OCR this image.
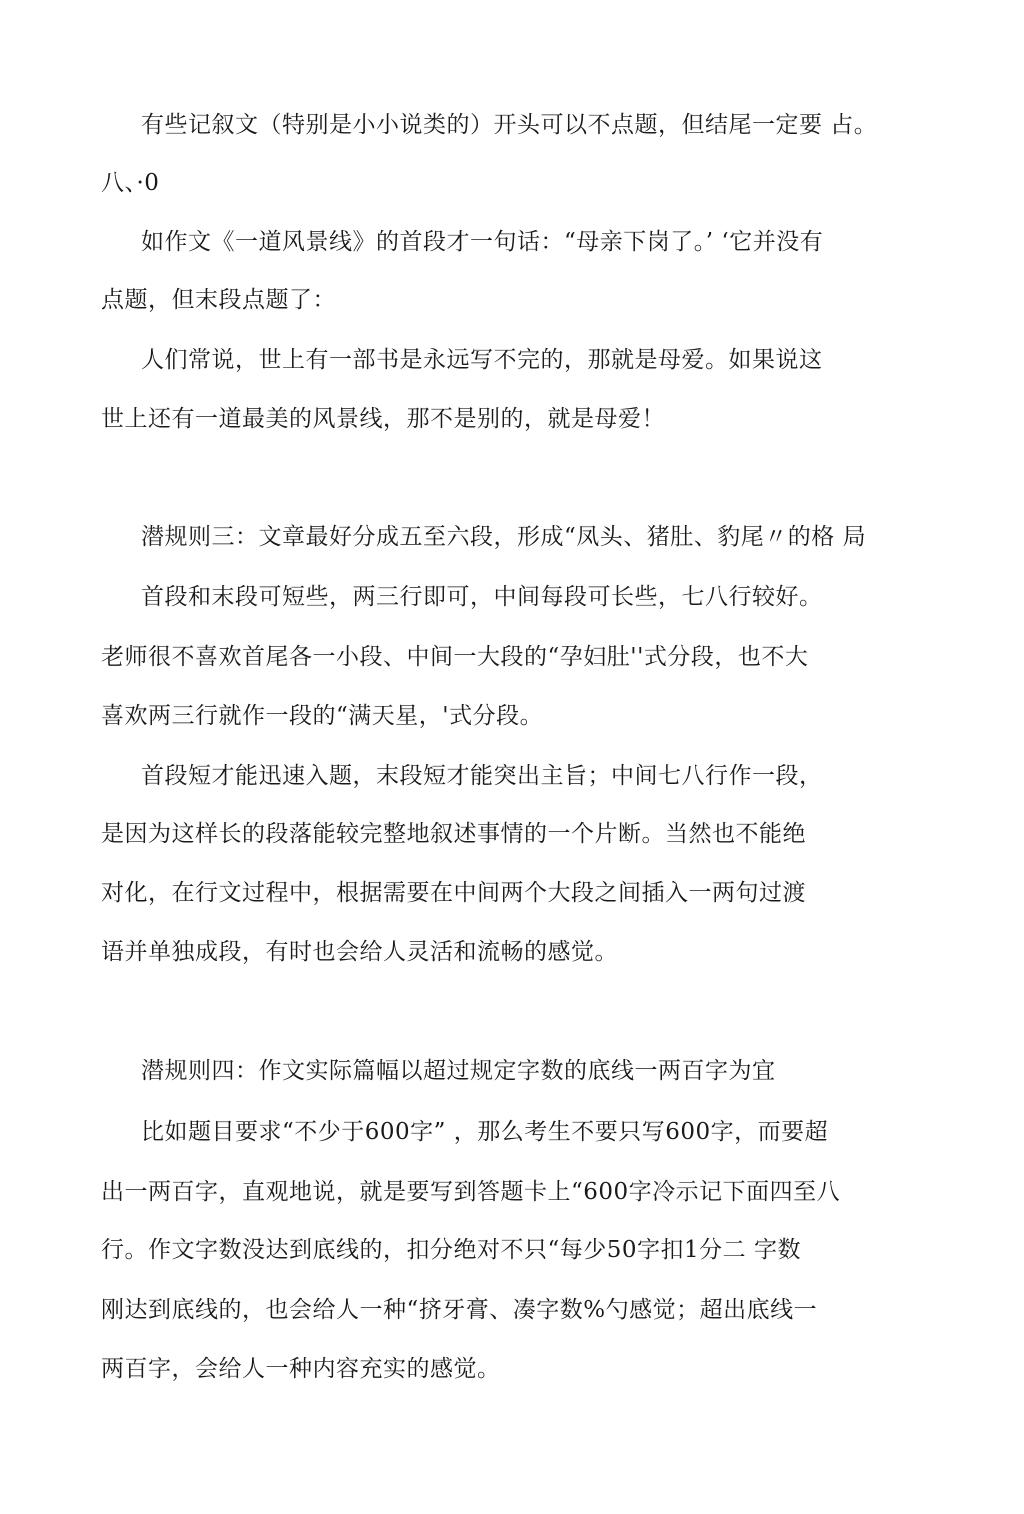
有些记叙文（特别是小小说类的）开头可以不点题，但结尾一定要 占。
八、·0
如作文《一道风景线》的首段才一句话：“母亲下岗了。’ ‘它并没有
点题，但末段点题了：
人们常说，世上有一部书是永远写不完的，那就是母爱。如果说这
世上还有一道最美的风景线，那不是别的，就是母爱！
潜规则三：文章最好分成五至六段，形成“凤头、猪肚、豹尾〃的格 局
首段和末段可短些，两三行即可，中间每段可长些，七八行较好。
老师很不喜欢首尾各一小段、中间一大段的“孕妇肚''式分段，也不大
喜欢两三行就作一段的“满天星，'式分段。
首段短才能迅速入题，末段短才能突出主旨；中间七八行作一段，
是因为这样长的段落能较完整地叙述事情的一个片断。当然也不能绝
对化，在行文过程中，根据需要在中间两个大段之间插入一两句过渡
语并单独成段，有时也会给人灵活和流畅的感觉。
潜规则四：作文实际篇幅以超过规定字数的底线一两百字为宜
比如题目要求“不少于600字” ，那么考生不要只写600字，而要超
出一两百字，直观地说，就是要写到答题卡上“600字冷示记下面四至八
行。作文字数没达到底线的，扣分绝对不只“每少50字扣1分二 字数
刚达到底线的，也会给人一种“挤牙膏、凑字数%勺感觉；超出底线一
两百字，会给人一种内容充实的感觉。
